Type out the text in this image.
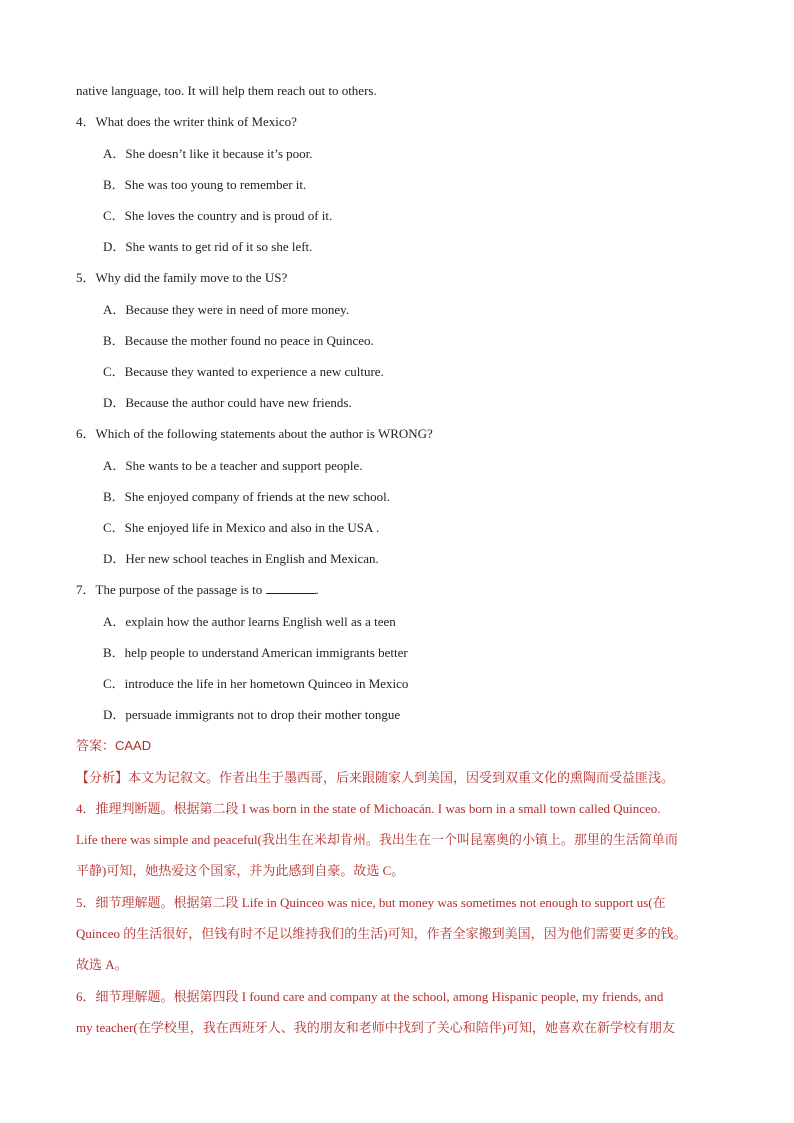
native language, too. It will help them reach out to others.
4．What does the writer think of Mexico?
A．She doesn’t like it because it’s poor.
B．She was too young to remember it.
C．She loves the country and is proud of it.
D．She wants to get rid of it so she left.
5．Why did the family move to the US?
A．Because they were in need of more money.
B．Because the mother found no peace in Quinceo.
C．Because they wanted to experience a new culture.
D．Because the author could have new friends.
6．Which of the following statements about the author is WRONG?
A．She wants to be a teacher and support people.
B．She enjoyed company of friends at the new school.
C．She enjoyed life in Mexico and also in the USA .
D．Her new school teaches in English and Mexican.
7．The purpose of the passage is to	.
A．explain how the author learns English well as a teen
B．help people to understand American immigrants better
C．introduce the life in her hometown Quinceo in Mexico
D．persuade immigrants not to drop their mother tongue
答案：CAAD
【分析】本文为记叙文。作者出生于墨西哥，后来跟随家人到美国，因受到双重文化的熏陶而受益匪浅。
4．推理判断题。根据第二段 I was born in the state of Michoacán. I was born in a small town called Quinceo.
Life there was simple and peaceful(我出生在米却肯州。我出生在一个叫昆塞奥的小镇上。那里的生活简单而
平静)可知，她热爱这个国家，并为此感到自豪。故选 C。
5．细节理解题。根据第二段 Life in Quinceo was nice, but money was sometimes not enough to support us(在
Quinceo 的生活很好，但钱有时不足以维持我们的生活)可知，作者全家搬到美国，因为他们需要更多的钱。
故选 A。
6．细节理解题。根据第四段 I found care and company at the school, among Hispanic people, my friends, and
my teacher(在学校里，我在西班牙人、我的朋友和老师中找到了关心和陪伴)可知，她喜欢在新学校有朋友
